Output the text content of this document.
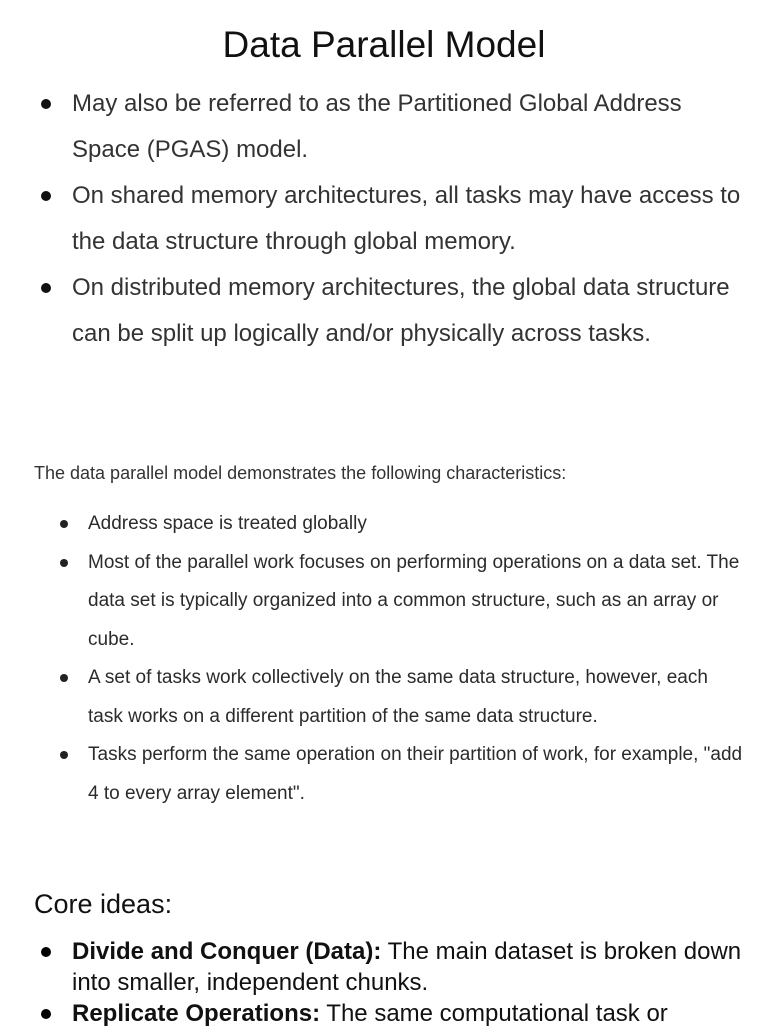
Data Parallel Model
May also be referred to as the Partitioned Global Address Space (PGAS) model.
On shared memory architectures, all tasks may have access to the data structure through global memory.
On distributed memory architectures, the global data structure can be split up logically and/or physically across tasks.

The data parallel model demonstrates the following characteristics:

Address space is treated globally
Most of the parallel work focuses on performing operations on a data set. The data set is typically organized into a common structure, such as an array or cube.
A set of tasks work collectively on the same data structure, however, each task works on a different partition of the same data structure.
Tasks perform the same operation on their partition of work, for example, "add 4 to every array element".
Core ideas:
Divide and Conquer (Data): The main dataset is broken down into smaller, independent chunks.
Replicate Operations: The same computational task or
